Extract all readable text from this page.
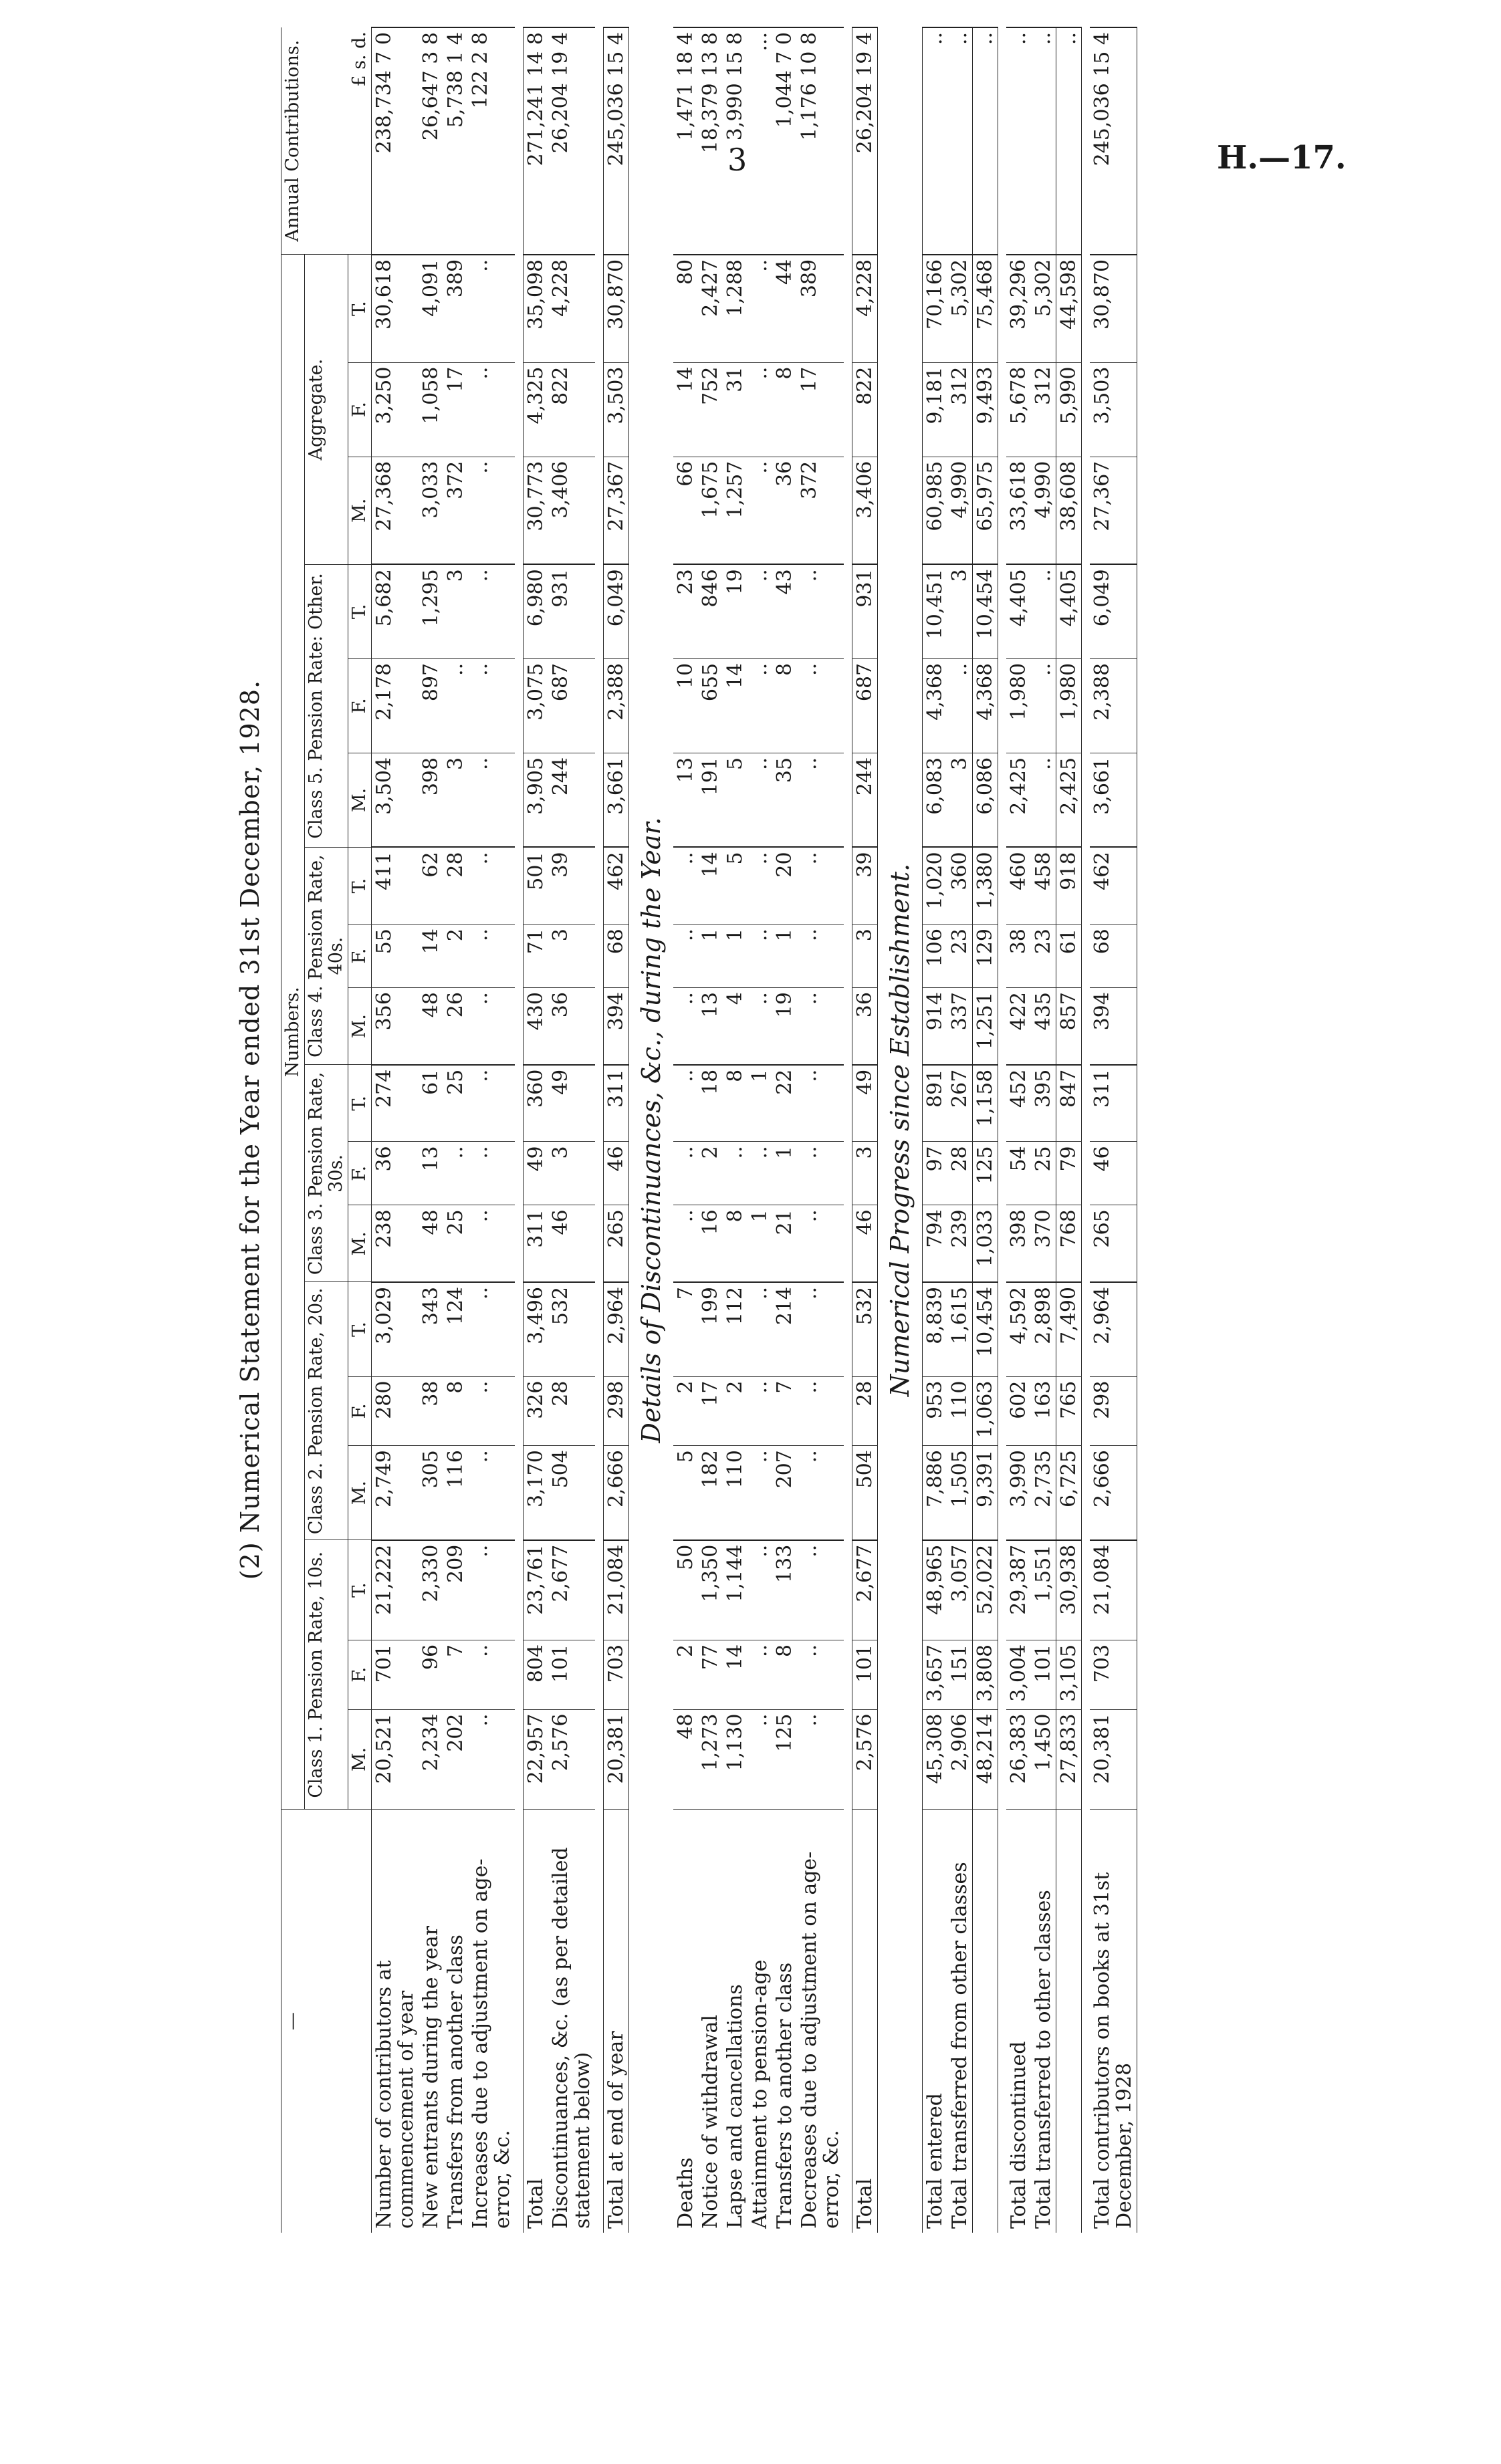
3	H.—17.
(2) Numerical Statement for the Year ended 31st December, 1928.
—	Numbers.																		Annual Contributions.
	Class 1. Pension Rate, 10s.			Class 2. Pension Rate, 20s.			Class 3. Pension Rate, 30s.			Class 4. Pension Rate, 40s.			Class 5. Pension Rate: Other.			Aggregate.			
	M.	F.	T.	M.	F.	T.	M.	F.	T.	M.	F.	T.	M.	F.	T.	M.	F.	T.	£ s. d.
Number of contributors at commencement of year	20,521	701	21,222	2,749	280	3,029	238	36	274	356	55	411	3,504	2,178	5,682	27,368	3,250	30,618	238,734 7 0
New entrants during the year	2,234	96	2,330	305	38	343	48	13	61	48	14	62	398	897	1,295	3,033	1,058	4,091	26,647 3 8
Transfers from another class	202	7	209	116	8	124	25	..	25	26	2	28	3	..	3	372	17	389	5,738 1 4
Increases due to adjustment on age-error, &c.	..	..	..	..	..	..	..	..	..	..	..	..	..	..	..	..	..	..	122 2 8

Total	22,957	804	23,761	3,170	326	3,496	311	49	360	430	71	501	3,905	3,075	6,980	30,773	4,325	35,098	271,241 14 8
Discontinuances, &c. (as per detailed statement below)	2,576	101	2,677	504	28	532	46	3	49	36	3	39	244	687	931	3,406	822	4,228	26,204 19 4

Total at end of year	20,381	703	21,084	2,666	298	2,964	265	46	311	394	68	462	3,661	2,388	6,049	27,367	3,503	30,870	245,036 15 4
Details of Discontinuances, &c., during the Year.																			
Deaths	48	2	50	5	2	7	..	..	..	..	..	..	13	10	23	66	14	80	1,471 18 4
Notice of withdrawal	1,273	77	1,350	182	17	199	16	2	18	13	1	14	191	655	846	1,675	752	2,427	18,379 13 8
Lapse and cancellations	1,130	14	1,144	110	2	112	8	..	8	4	1	5	5	14	19	1,257	31	1,288	3,990 15 8
Attainment to pension-age	..	..	..	..	..	..	1	..	1	..	..	..	..	..	..	..	..	..	...
Transfers to another class	125	8	133	207	7	214	21	1	22	19	1	20	35	8	43	36	8	44	1,044 7 0
Decreases due to adjustment on age-error, &c.	..	..	..	..	..	..	..	..	..	..	..	..	..	..	..	372	17	389	1,176 10 8

Total	2,576	101	2,677	504	28	532	46	3	49	36	3	39	244	687	931	3,406	822	4,228	26,204 19 4
Numerical Progress since Establishment.																			
Total entered	45,308	3,657	48,965	7,886	953	8,839	794	97	891	914	106	1,020	6,083	4,368	10,451	60,985	9,181	70,166	..
Total transferred from other classes	2,906	151	3,057	1,505	110	1,615	239	28	267	337	23	360	3	..	3	4,990	312	5,302	..
	48,214	3,808	52,022	9,391	1,063	10,454	1,033	125	1,158	1,251	129	1,380	6,086	4,368	10,454	65,975	9,493	75,468	..

Total discontinued	26,383	3,004	29,387	3,990	602	4,592	398	54	452	422	38	460	2,425	1,980	4,405	33,618	5,678	39,296	..
Total transferred to other classes	1,450	101	1,551	2,735	163	2,898	370	25	395	435	23	458	..	..	..	4,990	312	5,302	..
	27,833	3,105	30,938	6,725	765	7,490	768	79	847	857	61	918	2,425	1,980	4,405	38,608	5,990	44,598	..

Total contributors on books at 31st December, 1928	20,381	703	21,084	2,666	298	2,964	265	46	311	394	68	462	3,661	2,388	6,049	27,367	3,503	30,870	245,036 15 4
